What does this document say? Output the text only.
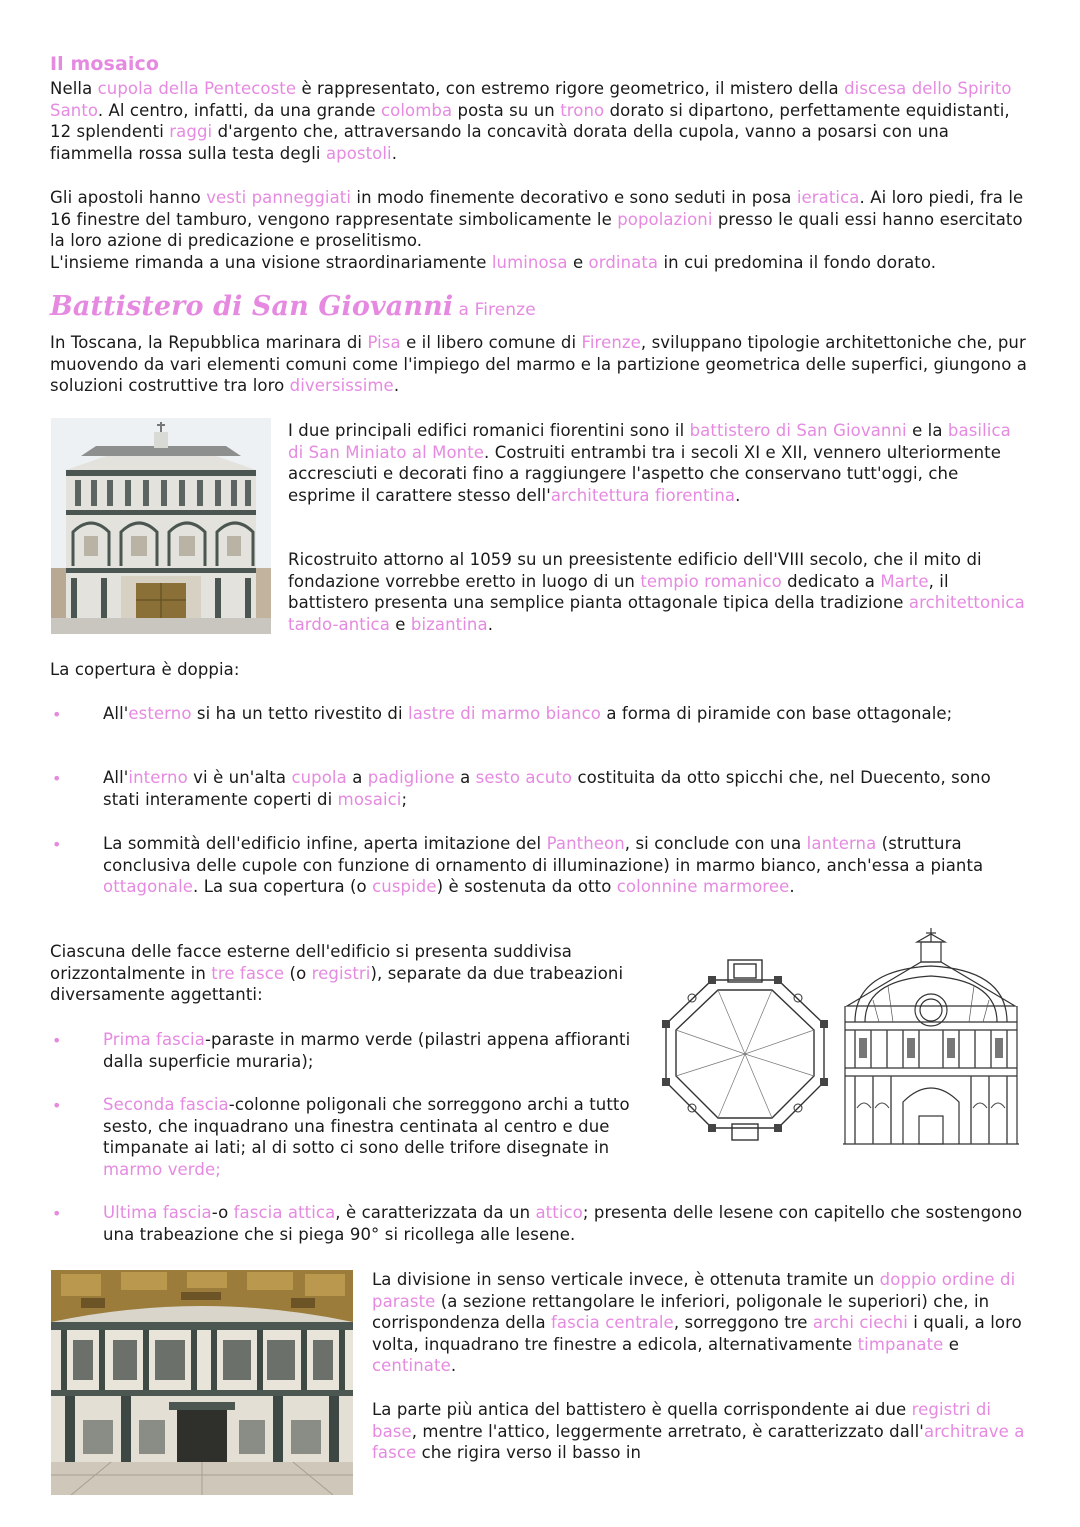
Il mosaico

Nella cupola della Pentecoste è rappresentato, con estremo rigore geometrico, il mistero della discesa dello Spirito Santo. Al centro, infatti, da una grande colomba posta su un trono dorato si dipartono, perfettamente equidistanti, 12 splendenti raggi d'argento che, attraversando la concavità dorata della cupola, vanno a posarsi con una fiammella rossa sulla testa degli apostoli.

Gli apostoli hanno vesti panneggiati in modo finemente decorativo e sono seduti in posa ieratica. Ai loro piedi, fra le 16 finestre del tamburo, vengono rappresentate simbolicamente le popolazioni presso le quali essi hanno esercitato la loro azione di predicazione e proselitismo.

L'insieme rimanda a una visione straordinariamente luminosa e ordinata in cui predomina il fondo dorato.

Battistero di San Giovanni a Firenze

In Toscana, la Repubblica marinara di Pisa e il libero comune di Firenze, sviluppano tipologie architettoniche che, pur muovendo da vari elementi comuni come l'impiego del marmo e la partizione geometrica delle superfici, giungono a soluzioni costruttive tra loro diversissime.

I due principali edifici romanici fiorentini sono il battistero di San Giovanni e la basilica di San Miniato al Monte. Costruiti entrambi tra i secoli XI e XII, vennero ulteriormente accresciuti e decorati fino a raggiungere l'aspetto che conservano tutt'oggi, che esprime il carattere stesso dell'architettura fiorentina.

Ricostruito attorno al 1059 su un preesistente edificio dell'VIII secolo, che il mito di fondazione vorrebbe eretto in luogo di un tempio romanico dedicato a Marte, il battistero presenta una semplice pianta ottagonale tipica della tradizione architettonica tardo-antica e bizantina.

La copertura è doppia:

•	All'esterno si ha un tetto rivestito di lastre di marmo bianco a forma di piramide con base ottagonale;

•	All'interno vi è un'alta cupola a padiglione a sesto acuto costituita da otto spicchi che, nel Duecento, sono stati interamente coperti di mosaici;

•	La sommità dell'edificio infine, aperta imitazione del Pantheon, si conclude con una lanterna (struttura conclusiva delle cupole con funzione di ornamento di illuminazione) in marmo bianco, anch'essa a pianta ottagonale. La sua copertura (o cuspide) è sostenuta da otto colonnine marmoree.

Ciascuna delle facce esterne dell'edificio si presenta suddivisa orizzontalmente in tre fasce (o registri), separate da due trabeazioni diversamente aggettanti:

•	Prima fascia-paraste in marmo verde (pilastri appena affioranti dalla superficie muraria);

•	Seconda fascia-colonne poligonali che sorreggono archi a tutto sesto, che inquadrano una finestra centinata al centro e due timpanate ai lati; al di sotto ci sono delle trifore disegnate in marmo verde;

•	Ultima fascia-o fascia attica, è caratterizzata da un attico; presenta delle lesene con capitello che sostengono una trabeazione che si piega 90° si ricollega alle lesene.

La divisione in senso verticale invece, è ottenuta tramite un doppio ordine di paraste (a sezione rettangolare le inferiori, poligonale le superiori) che, in corrispondenza della fascia centrale, sorreggono tre archi ciechi i quali, a loro volta, inquadrano tre finestre a edicola, alternativamente timpanate e centinate.

La parte più antica del battistero è quella corrispondente ai due registri di base, mentre l'attico, leggermente arretrato, è caratterizzato dall'architrave a fasce che rigira verso il basso in
